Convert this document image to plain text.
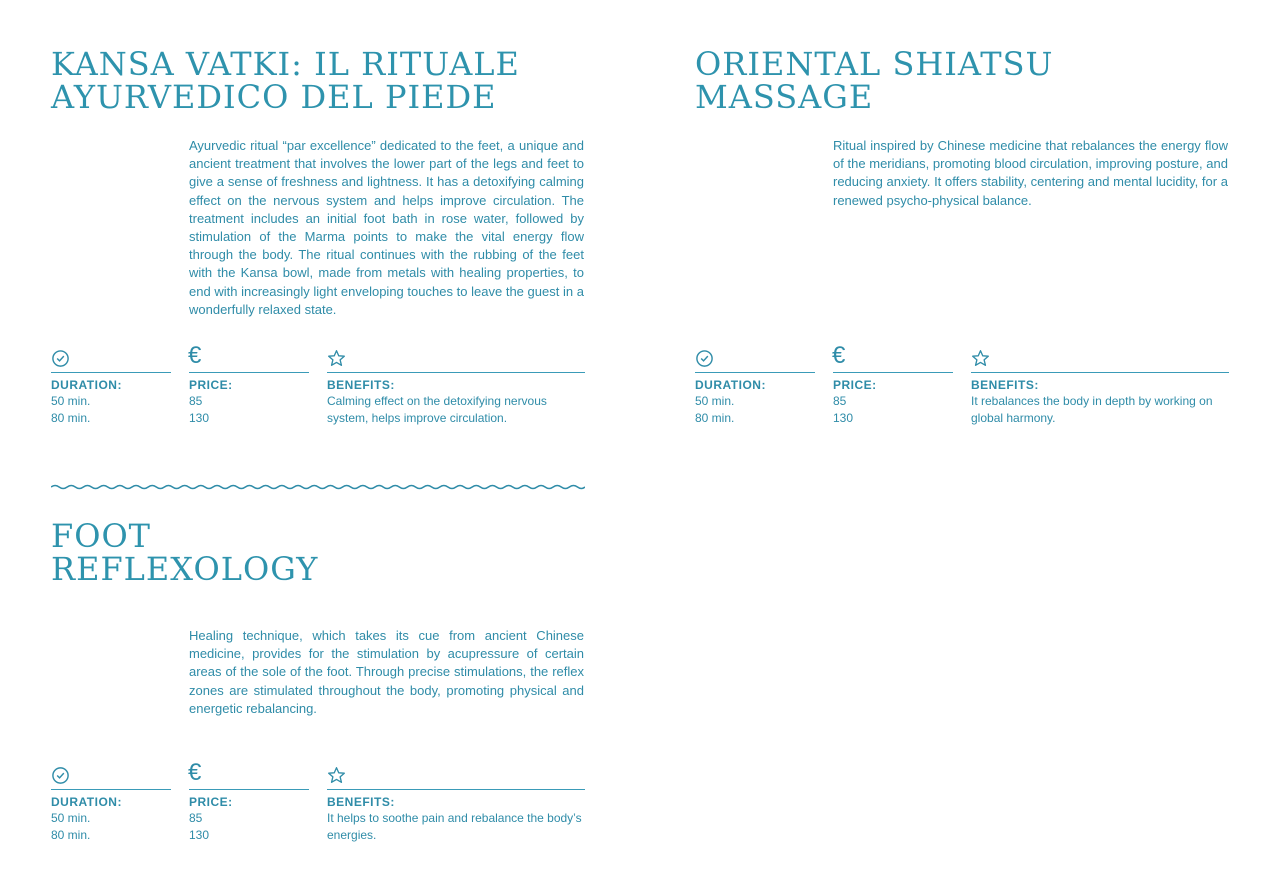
KANSA VATKI: IL RITUALE
AYURVEDICO DEL PIEDE

Ayurvedic ritual “par excellence” dedicated to the feet, a unique and ancient treatment that involves the lower part of the legs and feet to give a sense of freshness and lightness. It has a detoxifying calming effect on the nervous system and helps improve circulation. The treatment includes an initial foot bath in rose water, followed by stimulation of the Marma points to make the vital energy flow through the body. The ritual continues with the rubbing of the feet with the Kansa bowl, made from metals with healing properties, to end with increasingly light enveloping touches to leave the guest in a wonderfully relaxed state.

DURATION:
50 min.
80 min.
€
PRICE:
85
130
BENEFITS:
Calming effect on the detoxifying nervous system, helps improve circulation.
ORIENTAL SHIATSU
MASSAGE

Ritual inspired by Chinese medicine that rebalances the energy flow of the meridians, promoting blood circulation, improving posture, and reducing anxiety. It offers stability, centering and mental lucidity, for a renewed psycho-physical balance.

DURATION:
50 min.
80 min.
€
PRICE:
85
130
BENEFITS:
It rebalances the body in depth by working on global harmony.
FOOT
REFLEXOLOGY

Healing technique, which takes its cue from ancient Chinese medicine, provides for the stimulation by acupressure of certain areas of the sole of the foot. Through precise stimulations, the reflex zones are stimulated throughout the body, promoting physical and energetic rebalancing.

DURATION:
50 min.
80 min.
€
PRICE:
85
130
BENEFITS:
It helps to soothe pain and rebalance the body’s energies.
